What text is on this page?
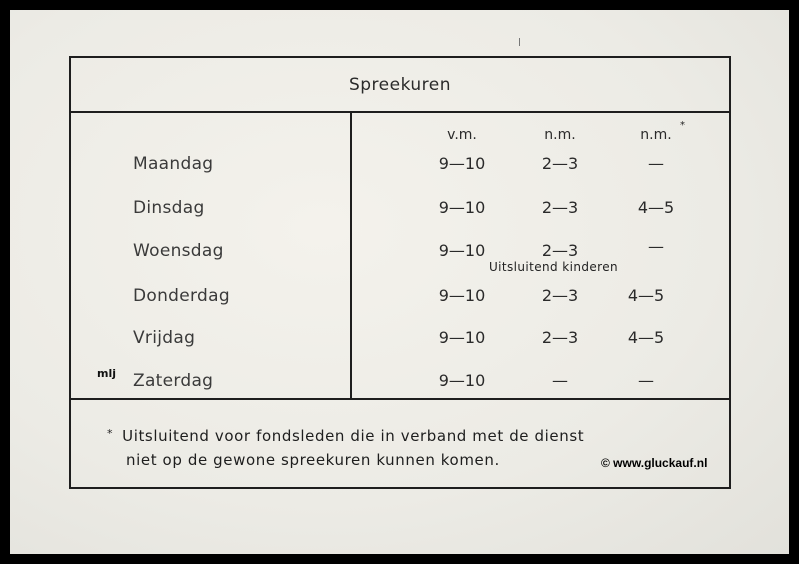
Spreekuren
v.m.	n.m.	n.m.
*
Maandag	9—10	2—3	—
Dinsdag	9—10	2—3	4—5
Woensdag	9—10	2—3	—
Uitsluitend kinderen
Donderdag	9—10	2—3	4—5
Vrijdag	9—10	2—3	4—5
Zaterdag	9—10	—	—
* Uitsluitend voor fondsleden die in verband met de dienst
niet op de gewone spreekuren kunnen komen.
mlj
© www.gluckauf.nl
